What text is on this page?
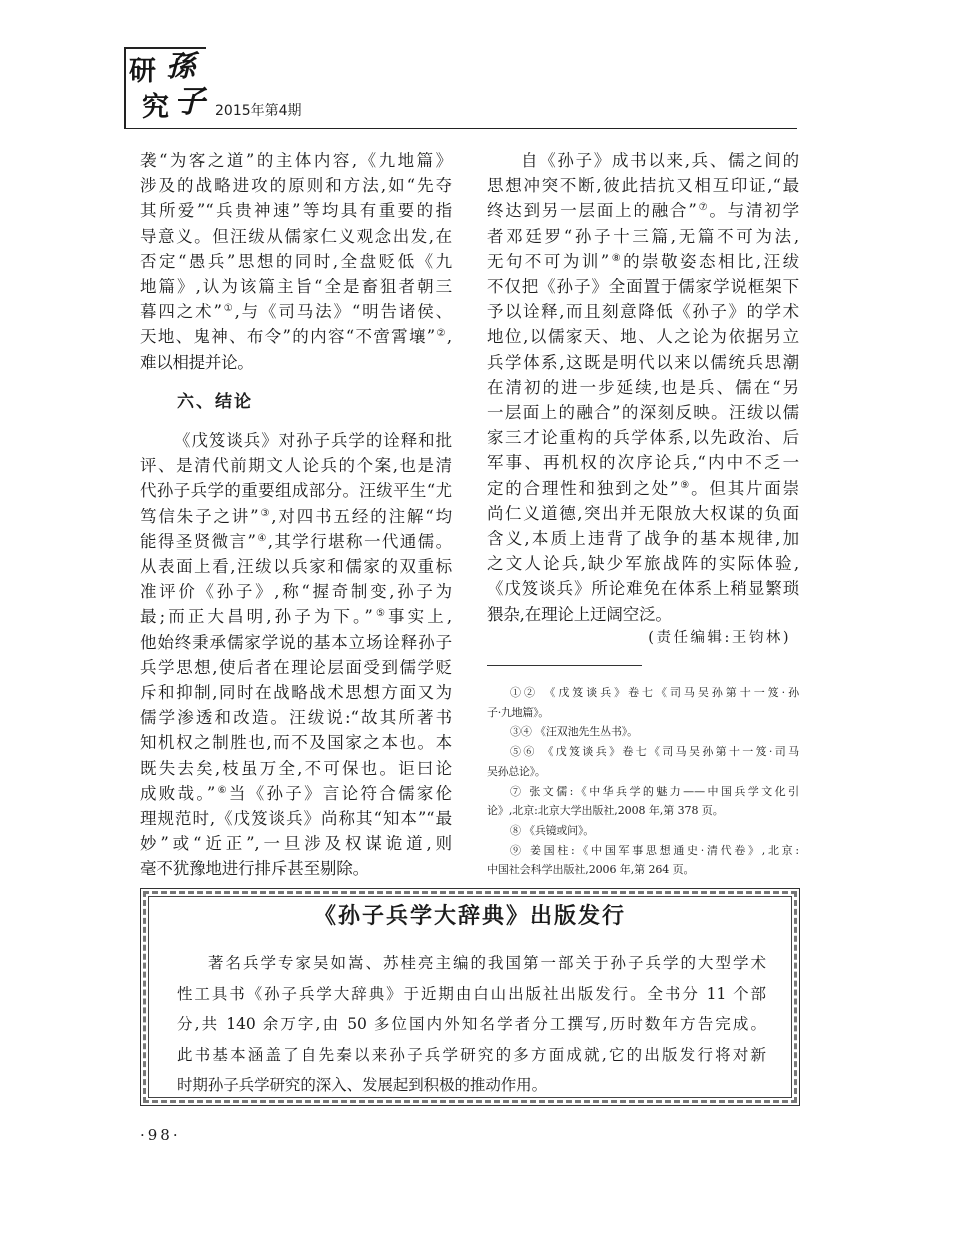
研 孫
究 子 2015年第4期
袭“为客之道”的主体内容,《九地篇》
涉及的战略进攻的原则和方法,如“先夺
其所爱”“兵贵神速”等均具有重要的指
导意义。但汪绂从儒家仁义观念出发,在
否定“愚兵”思想的同时,全盘贬低《九
地篇》,认为该篇主旨“全是畜狙者朝三
暮四之术”①,与《司马法》“明告诸侯、
天地、鬼神、布令”的内容“不啻霄壤”②,
难以相提并论。
六、结论
《戊笈谈兵》对孙子兵学的诠释和批
评、是清代前期文人论兵的个案,也是清
代孙子兵学的重要组成部分。汪绂平生“尤
笃信朱子之讲”③,对四书五经的注解“均
能得圣贤微言”④,其学行堪称一代通儒。
从表面上看,汪绂以兵家和儒家的双重标
准评价《孙子》,称“握奇制变,孙子为
最;而正大昌明,孙子为下。”⑤事实上,
他始终秉承儒家学说的基本立场诠释孙子
兵学思想,使后者在理论层面受到儒学贬
斥和抑制,同时在战略战术思想方面又为
儒学渗透和改造。汪绂说:“故其所著书
知机权之制胜也,而不及国家之本也。本
既失去矣,枝虽万全,不可保也。讵曰论
成败哉。”⑥当《孙子》言论符合儒家伦
理规范时,《戊笈谈兵》尚称其“知本”“最
妙”或“近正”,一旦涉及权谋诡道,则
毫不犹豫地进行排斥甚至剔除。
自《孙子》成书以来,兵、儒之间的
思想冲突不断,彼此拮抗又相互印证,“最
终达到另一层面上的融合”⑦。与清初学
者邓廷罗“孙子十三篇,无篇不可为法,
无句不可为训”⑧的崇敬姿态相比,汪绂
不仅把《孙子》全面置于儒家学说框架下
予以诠释,而且刻意降低《孙子》的学术
地位,以儒家天、地、人之论为依据另立
兵学体系,这既是明代以来以儒统兵思潮
在清初的进一步延续,也是兵、儒在“另
一层面上的融合”的深刻反映。汪绂以儒
家三才论重构的兵学体系,以先政治、后
军事、再机权的次序论兵,“内中不乏一
定的合理性和独到之处”⑨。但其片面崇
尚仁义道德,突出并无限放大权谋的负面
含义,本质上违背了战争的基本规律,加
之文人论兵,缺少军旅战阵的实际体验,
《戊笈谈兵》所论难免在体系上稍显繁琐
猥杂,在理论上迂阔空泛。
(责任编辑:王钧林)
①② 《戊笈谈兵》卷七《司马吴孙第十一笈·孙
子·九地篇》。
③④ 《汪双池先生丛书》。
⑤⑥ 《戊笈谈兵》卷七《司马吴孙第十一笈·司马
吴孙总论》。
⑦ 张文儒:《中华兵学的魅力——中国兵学文化引
论》,北京:北京大学出版社,2008 年,第 378 页。
⑧ 《兵镜或问》。
⑨ 姜国柱:《中国军事思想通史·清代卷》,北京:
中国社会科学出版社,2006 年,第 264 页。
《孙子兵学大辞典》出版发行
著名兵学专家吴如嵩、苏桂亮主编的我国第一部关于孙子兵学的大型学术
性工具书《孙子兵学大辞典》于近期由白山出版社出版发行。全书分 11 个部
分,共 140 余万字,由 50 多位国内外知名学者分工撰写,历时数年方告完成。
此书基本涵盖了自先秦以来孙子兵学研究的多方面成就,它的出版发行将对新
时期孙子兵学研究的深入、发展起到积极的推动作用。
·98·
